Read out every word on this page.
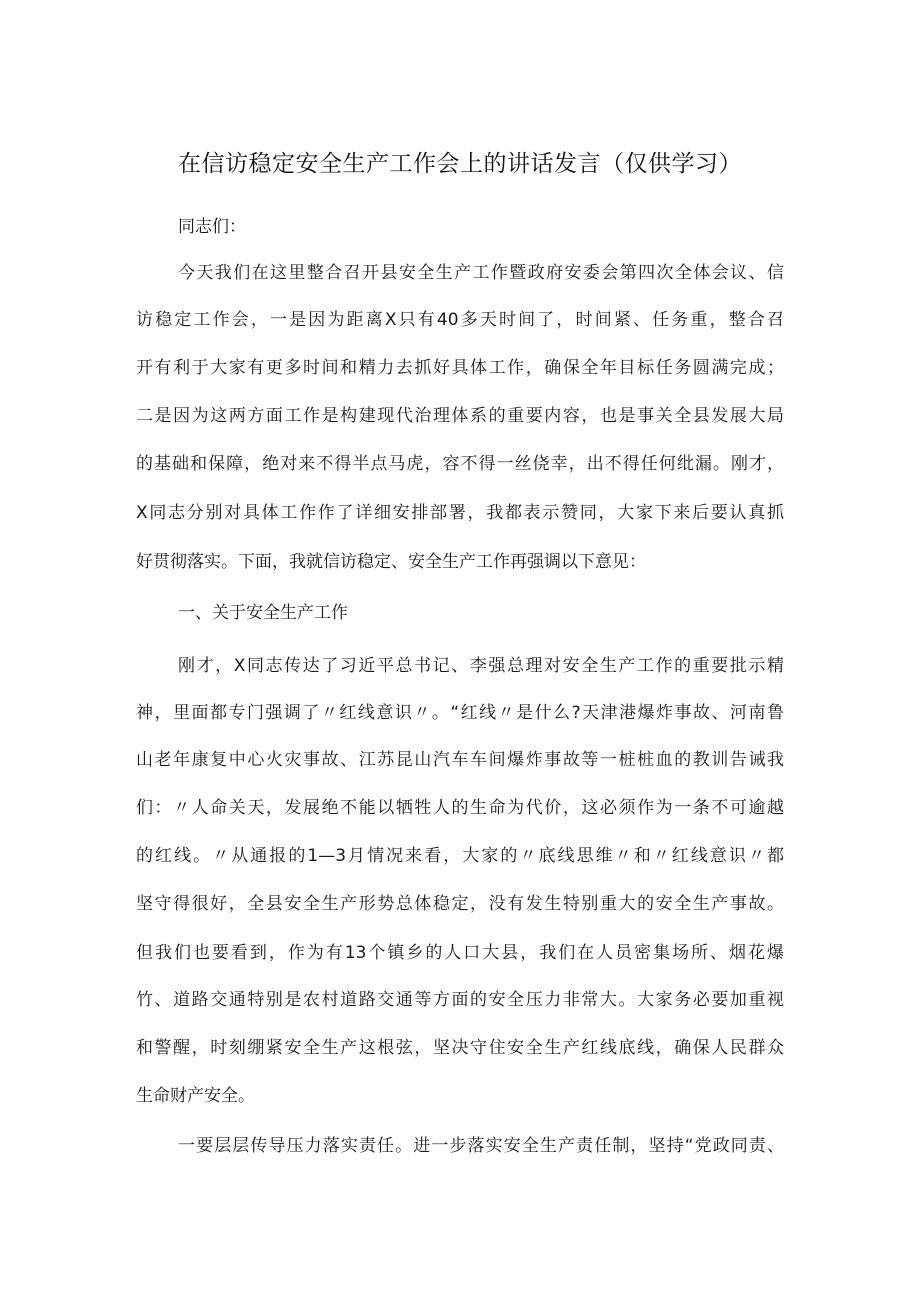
在信访稳定安全生产工作会上的讲话发言（仅供学习）
同志们：
今天我们在这里整合召开县安全生产工作暨政府安委会第四次全体会议、信
访稳定工作会，一是因为距离X只有40多天时间了，时间紧、任务重，整合召
开有利于大家有更多时间和精力去抓好具体工作，确保全年目标任务圆满完成；
二是因为这两方面工作是构建现代治理体系的重要内容，也是事关全县发展大局
的基础和保障，绝对来不得半点马虎，容不得一丝侥幸，出不得任何纰漏。刚才，
X同志分别对具体工作作了详细安排部署，我都表示赞同，大家下来后要认真抓
好贯彻落实。下面，我就信访稳定、安全生产工作再强调以下意见：
一、关于安全生产工作
刚才，X同志传达了习近平总书记、李强总理对安全生产工作的重要批示精
神，里面都专门强调了〃红线意识〃。“红线〃是什么?天津港爆炸事故、河南鲁
山老年康复中心火灾事故、江苏昆山汽车车间爆炸事故等一桩桩血的教训告诫我
们：〃人命关天，发展绝不能以牺牲人的生命为代价，这必须作为一条不可逾越
的红线。〃从通报的1—3月情况来看，大家的〃底线思维〃和〃红线意识〃都
坚守得很好，全县安全生产形势总体稳定，没有发生特别重大的安全生产事故。
但我们也要看到，作为有13个镇乡的人口大县，我们在人员密集场所、烟花爆
竹、道路交通特别是农村道路交通等方面的安全压力非常大。大家务必要加重视
和警醒，时刻绷紧安全生产这根弦，坚决守住安全生产红线底线，确保人民群众
生命财产安全。
一要层层传导压力落实责任。进一步落实安全生产责任制，坚持“党政同责、
